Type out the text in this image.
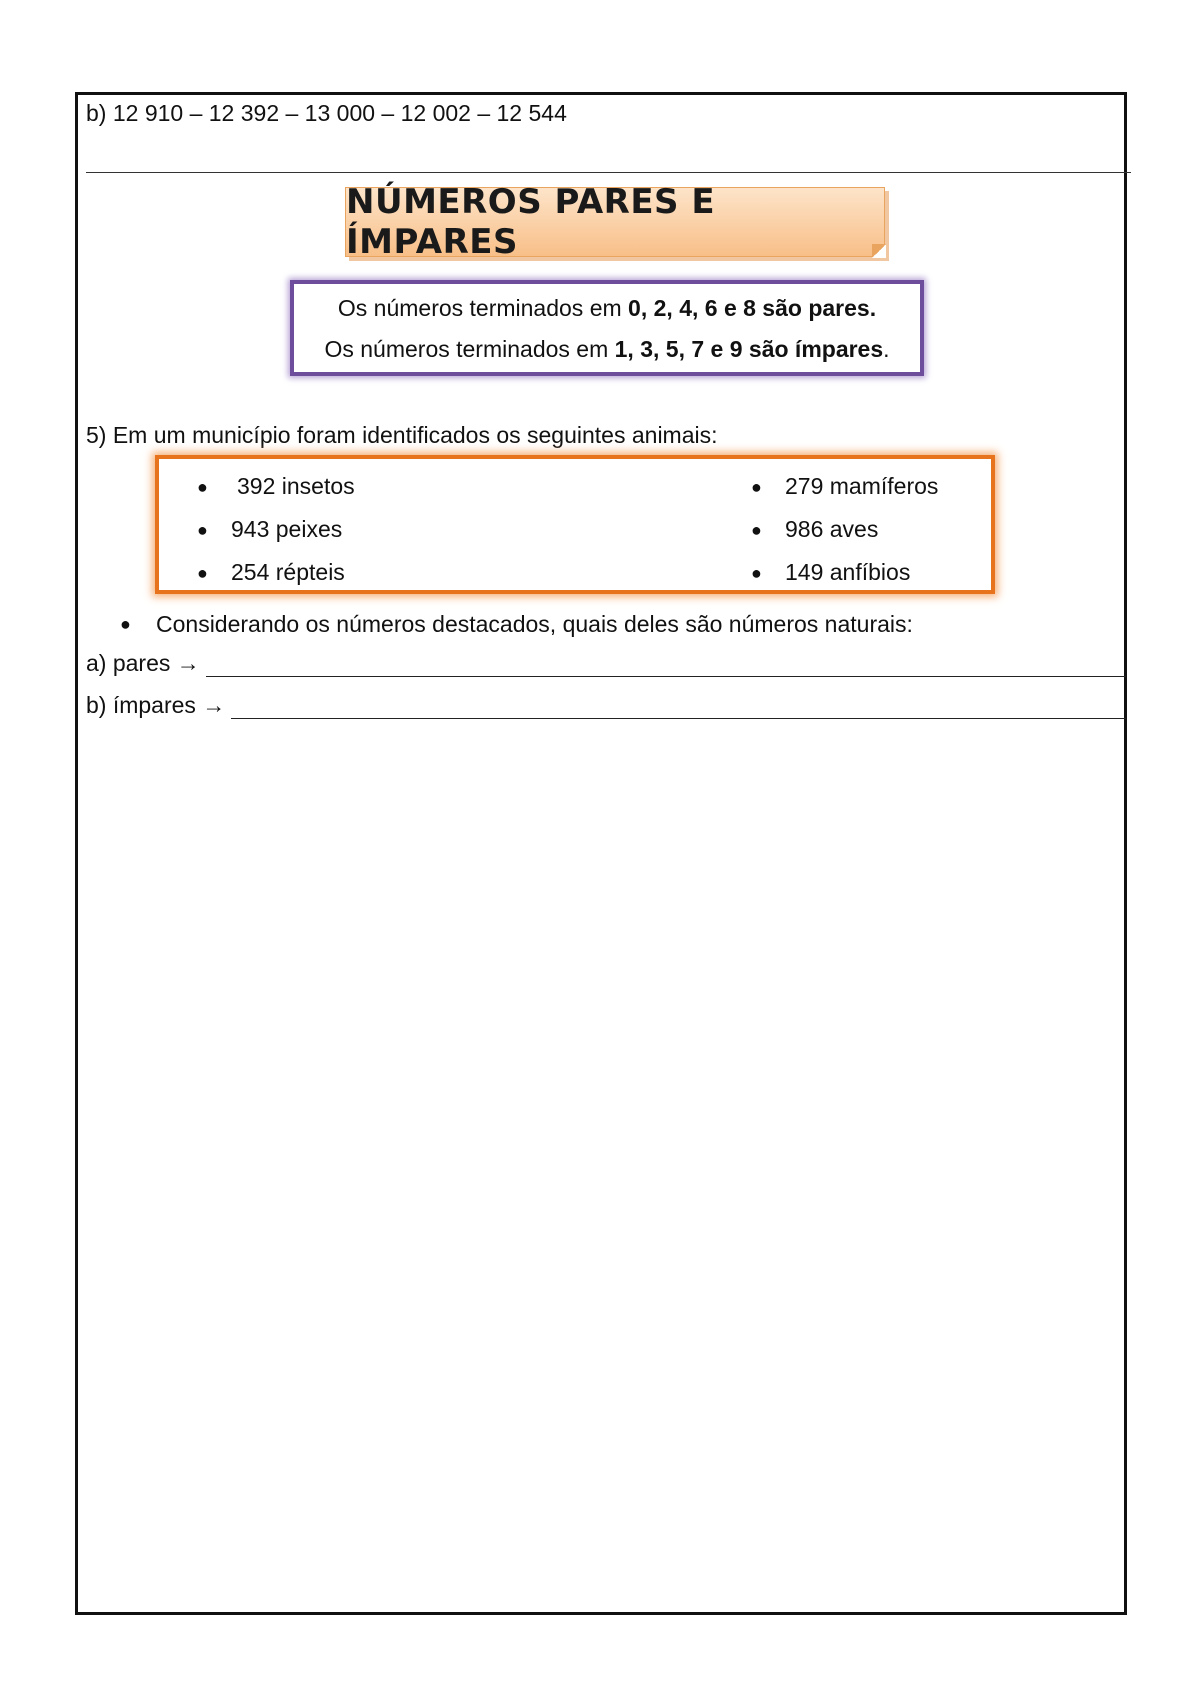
b) 12 910 – 12 392 – 13 000 – 12 002 – 12 544
NÚMEROS PARES E ÍMPARES
Os números terminados em 0, 2, 4, 6 e 8 são pares.
Os números terminados em 1, 3, 5, 7 e 9 são ímpares.
5) Em um município foram identificados os seguintes animais:
● 392 insetos
● 943 peixes
● 254 répteis
● 279 mamíferos
● 986 aves
● 149 anfíbios
● Considerando os números destacados, quais deles são números naturais:
a) pares →
b) ímpares →
